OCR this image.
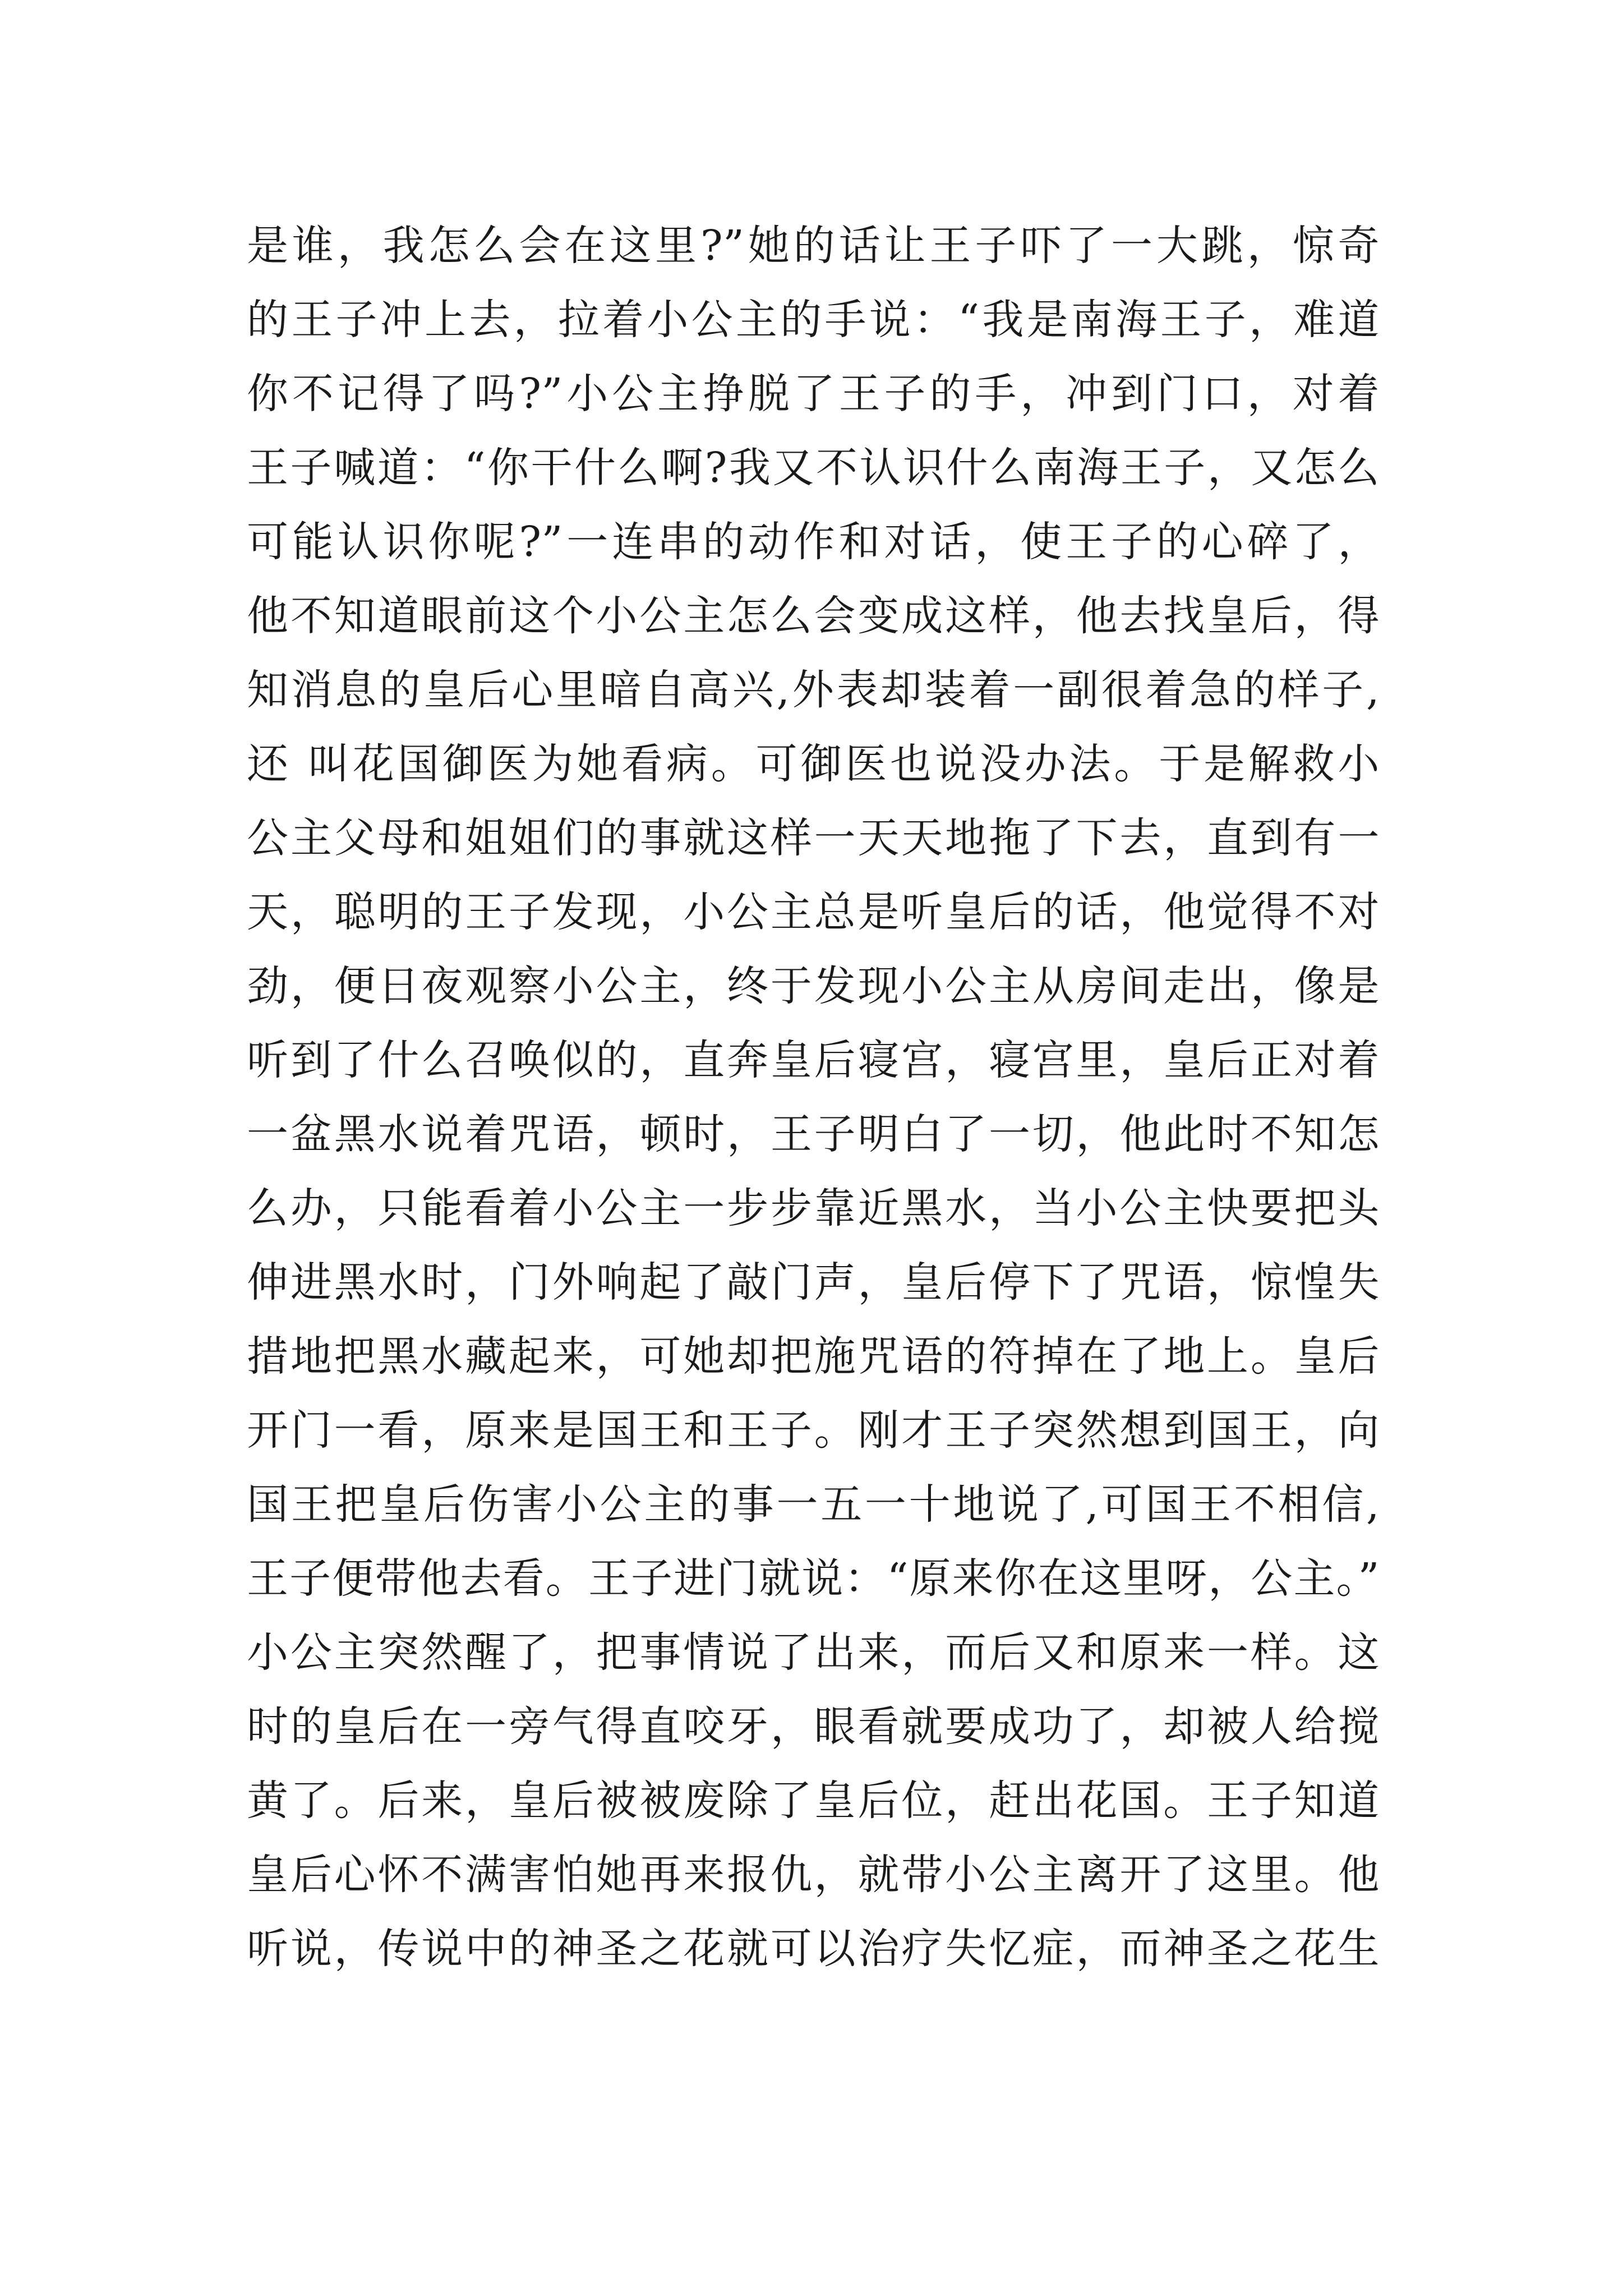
是谁，我怎么会在这里?”她的话让王子吓了一大跳，惊奇
的王子冲上去，拉着小公主的手说：“我是南海王子，难道
你不记得了吗?”小公主挣脱了王子的手，冲到门口，对着
王子喊道：“你干什么啊?我又不认识什么南海王子，又怎么
可能认识你呢?”一连串的动作和对话，使王子的心碎了，
他不知道眼前这个小公主怎么会变成这样，他去找皇后，得
知消息的皇后心里暗自高兴,外表却装着一副很着急的样子,
还 叫花国御医为她看病。可御医也说没办法。于是解救小
公主父母和姐姐们的事就这样一天天地拖了下去，直到有一
天，聪明的王子发现，小公主总是听皇后的话，他觉得不对
劲，便日夜观察小公主，终于发现小公主从房间走出，像是
听到了什么召唤似的，直奔皇后寝宫，寝宫里，皇后正对着
一盆黑水说着咒语，顿时，王子明白了一切，他此时不知怎
么办，只能看着小公主一步步靠近黑水，当小公主快要把头
伸进黑水时，门外响起了敲门声，皇后停下了咒语，惊惶失
措地把黑水藏起来，可她却把施咒语的符掉在了地上。皇后
开门一看，原来是国王和王子。刚才王子突然想到国王，向
国王把皇后伤害小公主的事一五一十地说了,可国王不相信,
王子便带他去看。王子进门就说：“原来你在这里呀，公主。”
小公主突然醒了，把事情说了出来，而后又和原来一样。这
时的皇后在一旁气得直咬牙，眼看就要成功了，却被人给搅
黄了。后来，皇后被被废除了皇后位，赶出花国。王子知道
皇后心怀不满害怕她再来报仇，就带小公主离开了这里。他
听说，传说中的神圣之花就可以治疗失忆症，而神圣之花生
